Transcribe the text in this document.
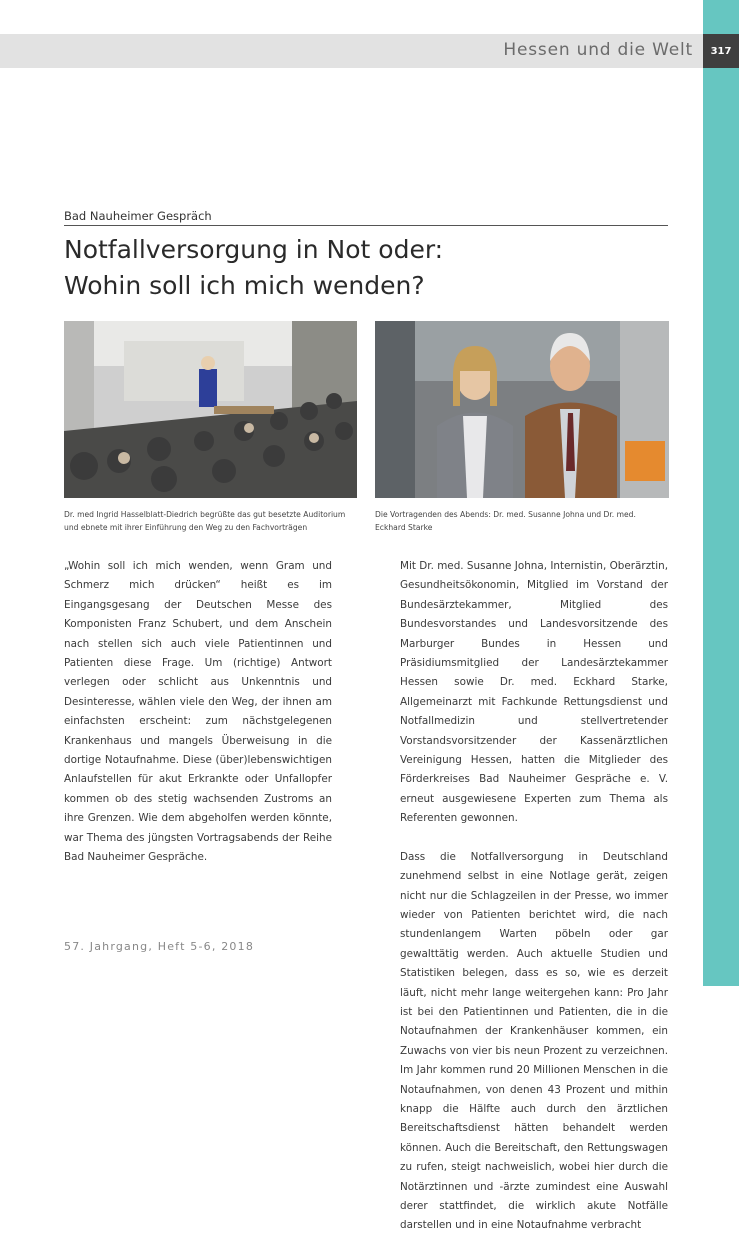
Hessen und die Welt	317
Bad Nauheimer Gespräch
Notfallversorgung in Not oder:
Wohin soll ich mich wenden?
Dr. med Ingrid Hasselblatt-Diedrich begrüßte das gut besetzte Auditorium und ebnete mit ihrer Einführung den Weg zu den Fachvorträgen
Die Vortragenden des Abends: Dr. med. Susanne Johna und Dr. med. Eckhard Starke

„Wohin soll ich mich wenden, wenn Gram und Schmerz mich drücken“ heißt es im Eingangsgesang der Deutschen Messe des Komponisten Franz Schubert, und dem Anschein nach stellen sich auch viele Patientinnen und Patienten diese Frage. Um (richtige) Antwort verlegen oder schlicht aus Unkenntnis und Desinteresse, wählen viele den Weg, der ihnen am einfachsten erscheint: zum nächstgelegenen Krankenhaus und mangels Überweisung in die dortige Notaufnahme. Diese (über)lebenswichtigen Anlaufstellen für akut Erkrankte oder Unfallopfer kommen ob des stetig wachsenden Zustroms an ihre Grenzen. Wie dem abgeholfen werden könnte, war Thema des jüngsten Vortragsabends der Reihe Bad Nauheimer Gespräche.

Mit Dr. med. Susanne Johna, Internistin, Oberärztin, Gesundheitsökonomin, Mitglied im Vorstand der Bundesärztekammer, Mitglied des Bundesvorstandes und Landesvorsitzende des Marburger Bundes in Hessen und Präsidiumsmitglied der Landesärztekammer Hessen sowie Dr. med. Eckhard Starke, Allgemeinarzt mit Fachkunde Rettungsdienst und Notfallmedizin und stellvertretender Vorstandsvorsitzender der Kassenärztlichen Vereinigung Hessen, hatten die Mitglieder des Förderkreises Bad Nauheimer Gespräche e. V. erneut ausgewiesene Experten zum Thema als Referenten gewonnen.

Dass die Notfallversorgung in Deutschland zunehmend selbst in eine Notlage gerät, zeigen nicht nur die Schlagzeilen in der Presse, wo immer wieder von Patienten berichtet wird, die nach stundenlangem Warten pöbeln oder gar gewalttätig werden. Auch aktuelle Studien und Statistiken belegen, dass es so, wie es derzeit läuft, nicht mehr lange weitergehen kann: Pro Jahr ist bei den Patientinnen und Patienten, die in die Notaufnahmen der Krankenhäuser kommen, ein Zuwachs von vier bis neun Prozent zu verzeichnen. Im Jahr kommen rund 20 Millionen Menschen in die Notaufnahmen, von denen 43 Prozent und mithin knapp die Hälfte auch durch den ärztlichen Bereitschaftsdienst hätten behandelt werden können. Auch die Bereitschaft, den Rettungswagen zu rufen, steigt nachweislich, wobei hier durch die Notärztinnen und -ärzte zumindest eine Auswahl derer stattfindet, die wirklich akute Notfälle darstellen und in eine Notaufnahme verbracht

57. Jahrgang, Heft 5-6, 2018
